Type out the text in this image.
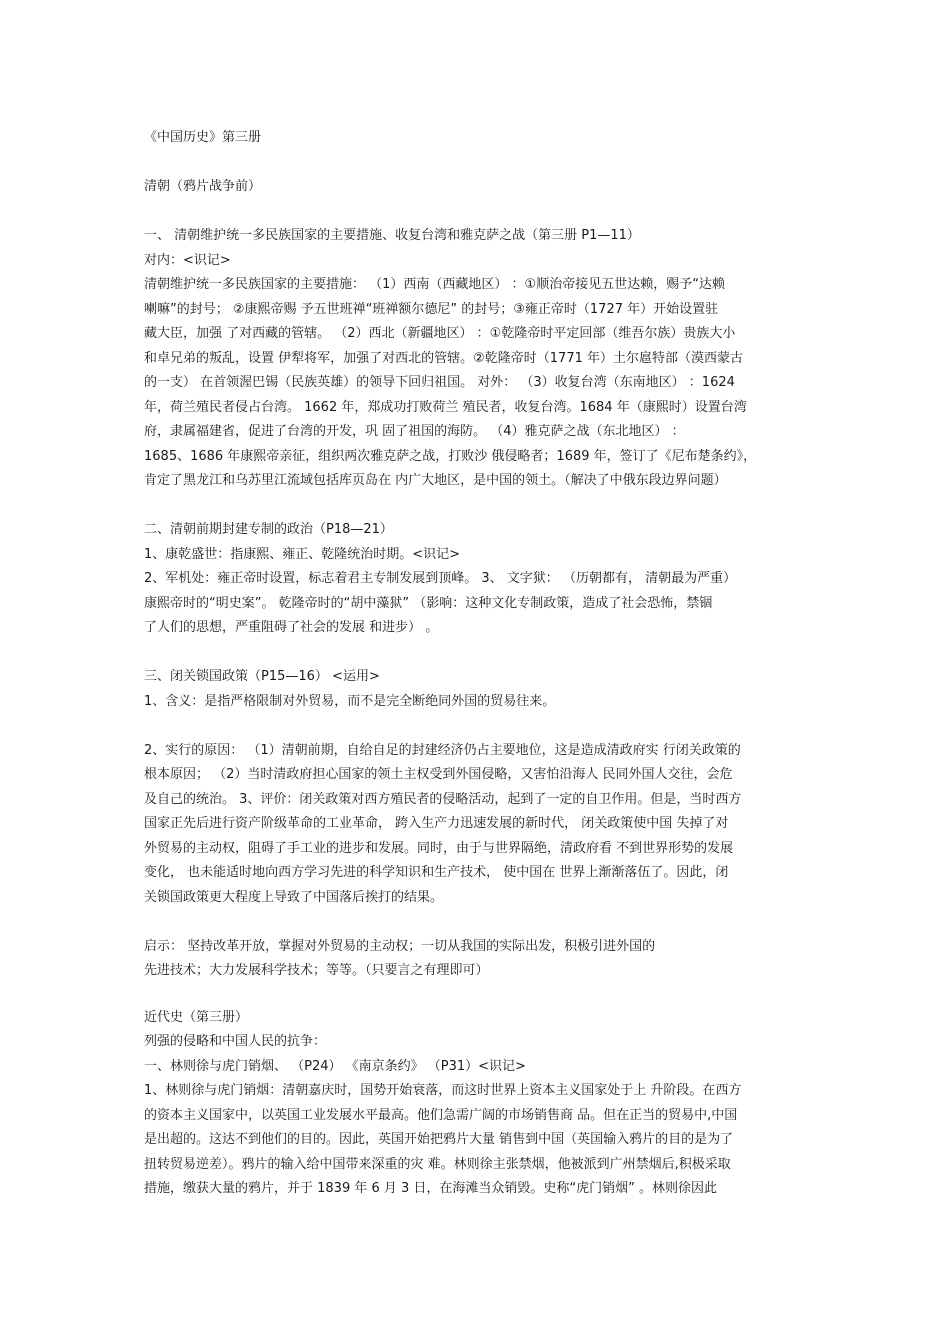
《中国历史》第三册
清朝（鸦片战争前）
一、 清朝维护统一多民族国家的主要措施、收复台湾和雅克萨之战（第三册 P1—11）
对内：<识记>
清朝维护统一多民族国家的主要措施： （1）西南（西藏地区） ：①顺治帝接见五世达赖，赐予“达赖
喇嘛”的封号； ②康熙帝赐 予五世班禅“班禅额尔德尼” 的封号；③雍正帝时（1727 年）开始设置驻
藏大臣，加强 了对西藏的管辖。 （2）西北（新疆地区） ：①乾隆帝时平定回部（维吾尔族）贵族大小
和卓兄弟的叛乱，设置 伊犁将军，加强了对西北的管辖。②乾隆帝时（1771 年）土尔扈特部（漠西蒙古
的一支） 在首领渥巴锡（民族英雄）的领导下回归祖国。 对外： （3）收复台湾（东南地区） ：1624
年，荷兰殖民者侵占台湾。 1662 年，郑成功打败荷兰 殖民者，收复台湾。1684 年（康熙时）设置台湾
府，隶属福建省，促进了台湾的开发，巩 固了祖国的海防。 （4）雅克萨之战（东北地区） ：
1685、1686 年康熙帝亲征，组织两次雅克萨之战，打败沙 俄侵略者；1689 年，签订了《尼布楚条约》，
肯定了黑龙江和乌苏里江流域包括库页岛在 内广大地区，是中国的领土。（解决了中俄东段边界问题）
二、清朝前期封建专制的政治（P18—21）
1、康乾盛世：指康熙、雍正、乾隆统治时期。<识记>
2、军机处：雍正帝时设置，标志着君主专制发展到顶峰。 3、 文字狱： （历朝都有， 清朝最为严重）
康熙帝时的“明史案”。 乾隆帝时的“胡中藻狱” （影响：这种文化专制政策，造成了社会恐怖，禁锢
了人们的思想，严重阻碍了社会的发展 和进步） 。
三、闭关锁国政策（P15—16） <运用>
1、含义：是指严格限制对外贸易，而不是完全断绝同外国的贸易往来。
2、实行的原因： （1）清朝前期，自给自足的封建经济仍占主要地位，这是造成清政府实 行闭关政策的
根本原因； （2）当时清政府担心国家的领土主权受到外国侵略，又害怕沿海人 民同外国人交往，会危
及自己的统治。 3、评价：闭关政策对西方殖民者的侵略活动，起到了一定的自卫作用。但是，当时西方
国家正先后进行资产阶级革命的工业革命， 跨入生产力迅速发展的新时代， 闭关政策使中国 失掉了对
外贸易的主动权，阻碍了手工业的进步和发展。同时，由于与世界隔绝，清政府看 不到世界形势的发展
变化， 也未能适时地向西方学习先进的科学知识和生产技术， 使中国在 世界上渐渐落伍了。因此，闭
关锁国政策更大程度上导致了中国落后挨打的结果。
启示： 坚持改革开放，掌握对外贸易的主动权；一切从我国的实际出发，积极引进外国的
先进技术；大力发展科学技术；等等。（只要言之有理即可）
近代史（第三册）
列强的侵略和中国人民的抗争：
一、林则徐与虎门销烟、 （P24） 《南京条约》 （P31）<识记>
1、林则徐与虎门销烟：清朝嘉庆时，国势开始衰落，而这时世界上资本主义国家处于上 升阶段。在西方
的资本主义国家中，以英国工业发展水平最高。他们急需广阔的市场销售商 品。但在正当的贸易中,中国
是出超的。这达不到他们的目的。因此，英国开始把鸦片大量 销售到中国（英国输入鸦片的目的是为了
扭转贸易逆差）。鸦片的输入给中国带来深重的灾 难。林则徐主张禁烟，他被派到广州禁烟后,积极采取
措施，缴获大量的鸦片，并于 1839 年 6 月 3 日，在海滩当众销毁。史称“虎门销烟” 。林则徐因此
